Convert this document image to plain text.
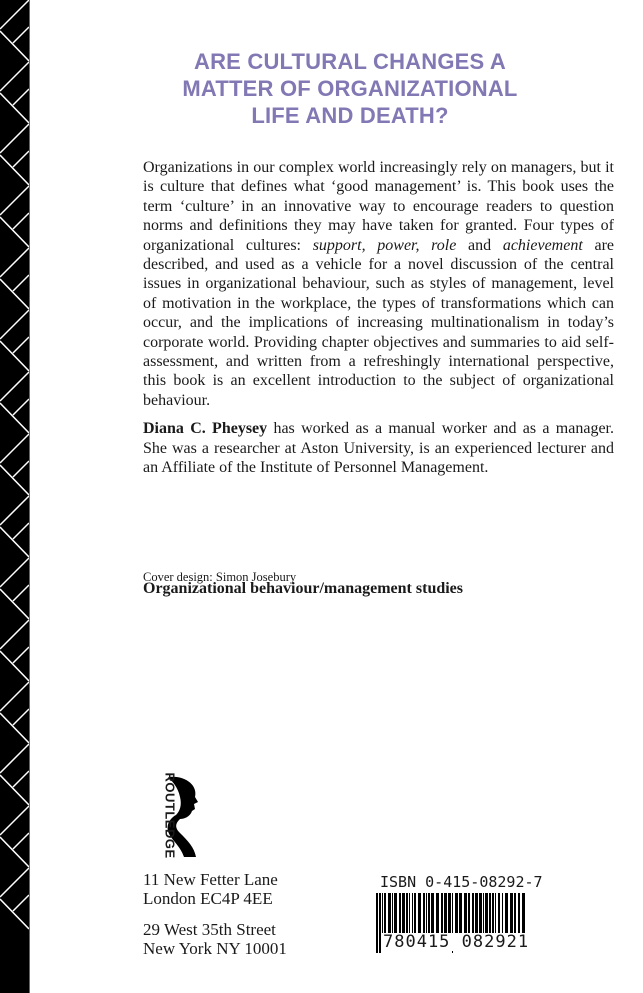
ARE CULTURAL CHANGES A
MATTER OF ORGANIZATIONAL
LIFE AND DEATH?

Organizations in our complex world increasingly rely on managers, but it is culture that defines what ‘good management’ is. This book uses the term ‘culture’ in an innovative way to encourage readers to question norms and definitions they may have taken for granted. Four types of organizational cultures: support, power, role and achievement are described, and used as a vehicle for a novel discussion of the central issues in organizational behaviour, such as styles of management, level of motivation in the workplace, the types of transformations which can occur, and the implications of increasing multinationalism in today’s corporate world. Providing chapter objectives and summaries to aid self-assessment, and written from a refreshingly international perspective, this book is an excellent introduction to the subject of organizational behaviour.

Diana C. Pheysey has worked as a manual worker and as a manager. She was a researcher at Aston University, is an experienced lecturer and an Affiliate of the Institute of Personnel Management.

Cover design: Simon Josebury
Organizational behaviour/management studies
ROUTLEDGE
11 New Fetter Lane
London EC4P 4EE
29 West 35th Street
New York NY 10001
ISBN 0-415-08292-7
780415 082921
